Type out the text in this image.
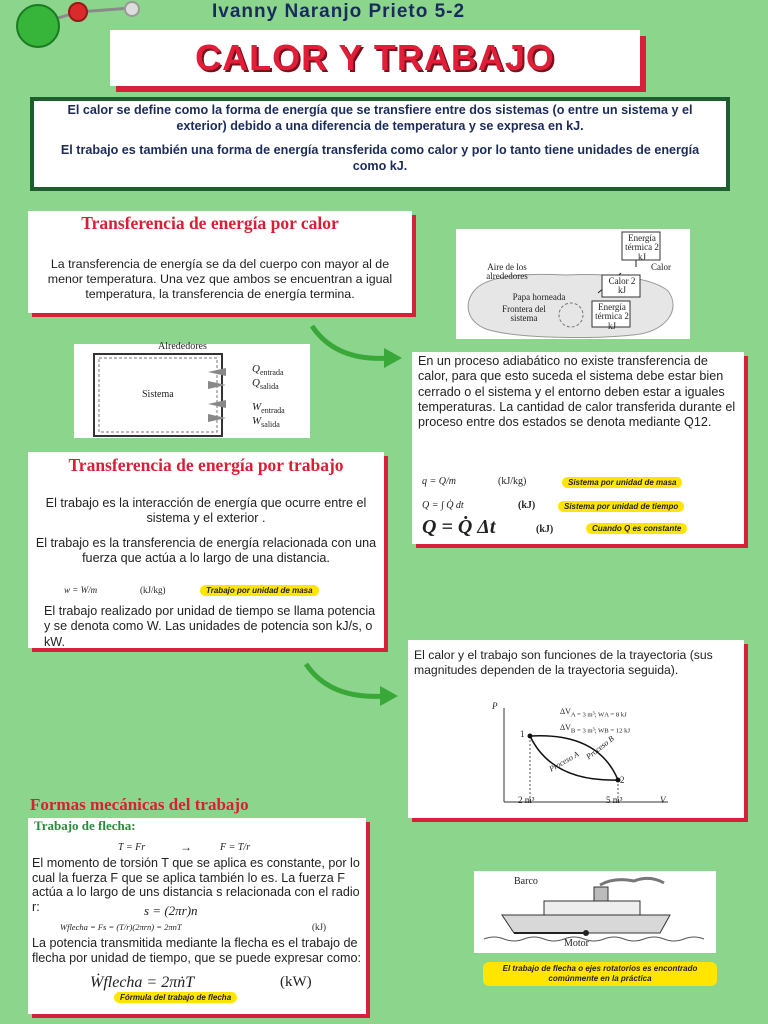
Ivanny Naranjo Prieto 5-2
CALOR Y TRABAJO
El calor se define como la forma de energía que se transfiere entre dos sistemas (o entre un sistema y el exterior) debido a una diferencia de temperatura y se expresa en kJ.
El trabajo es también una forma de energía transferida como calor y por lo tanto tiene unidades de energía como kJ.
Transferencia de energía por calor
La transferencia de energía se da del cuerpo con mayor al de menor temperatura. Una vez que ambos se encuentran a igual temperatura, la transferencia de energía termina.
Aire de los alrededores
Papa horneada
Frontera del sistema
Energía térmica 2 kJ
Calor 2 kJ
Energía térmica 2 kJ
Calor
Alrededores
Sistema
$Q_{entrada}$
$Q_{salida}$
$W_{entrada}$
$W_{salida}$
En un proceso adiabático no existe transferencia de calor, para que esto suceda el sistema debe estar bien cerrado o el sistema y el entorno deben estar a iguales temperaturas. La cantidad de calor transferida durante el proceso entre dos estados se denota mediante Q12.
q = Q/m	(kJ/kg)	Sistema por unidad de masa
Q = ∫ Q̇ dt	(kJ)	Sistema por unidad de tiempo
Q = Q̇ Δt	(kJ)	Cuando Q es constante
Transferencia de energía por trabajo
El trabajo es la interacción de energía que ocurre entre el sistema y el exterior .
El trabajo es la transferencia de energía relacionada con una fuerza que actúa a lo largo de una distancia.
w = W/m	(kJ/kg)	Trabajo por unidad de masa
El trabajo realizado por unidad de tiempo se llama potencia y se denota como W. Las unidades de potencia son kJ/s, o kW.
El calor y el trabajo son funciones de la trayectoria (sus magnitudes dependen de la trayectoria seguida).
P
V
$\Delta V_{A = 3 m^3; WA = 8 kJ}$
$\Delta V_{B = 3 m^3; WB = 12 kJ}$
Proceso A
Proceso B
1
2
2 m³	5 m³
Formas mecánicas del trabajo
Trabajo de flecha:
T = Fr	→	F = T/r
El momento de torsión T que se aplica es constante, por lo cual la fuerza F que se aplica también lo es. La fuerza F actúa a lo largo de uns distancia s relacionada con el radio r:	s = (2πr)n
Wflecha = Fs = (T/r)(2πrn) = 2πnT	(kJ)
La potencia transmitida mediante la flecha es el trabajo de flecha por unidad de tiempo, que se puede expresar como:
Ẇflecha = 2πṅT	(kW)
Fórmula del trabajo de flecha
Barco
Motor
El trabajo de flecha o ejes rotatorios es encontrado comúnmente en la práctica
